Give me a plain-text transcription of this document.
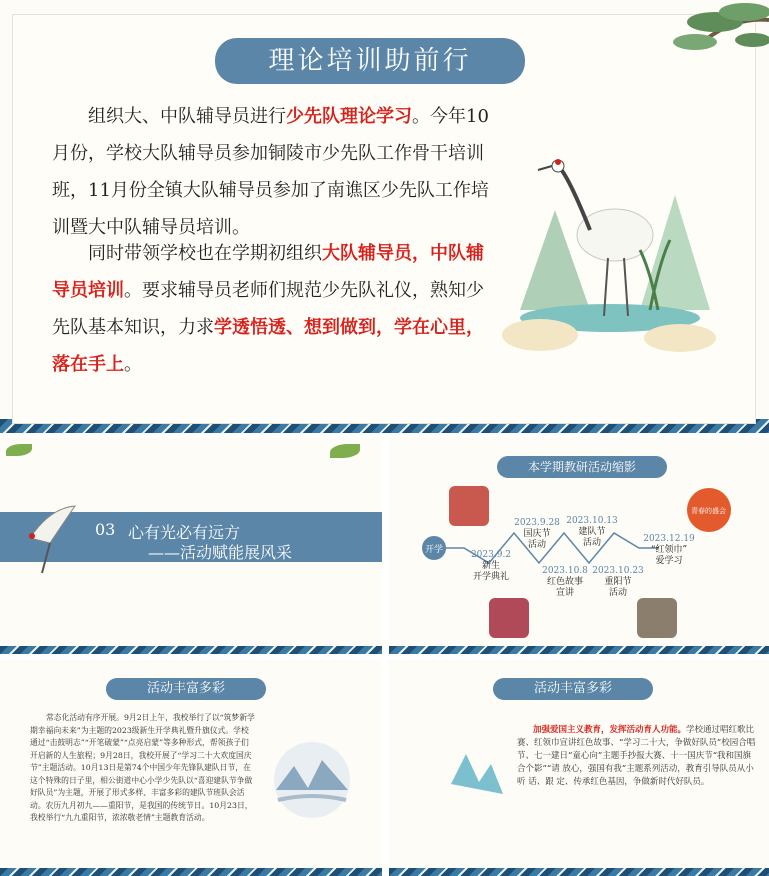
理论培训助前行
组织大、中队辅导员进行少先队理论学习。今年10月份，学校大队辅导员参加铜陵市少先队工作骨干培训班，11月份全镇大队辅导员参加了南谯区少先队工作培训暨大中队辅导员培训。
同时带领学校也在学期初组织大队辅导员，中队辅导员培训。要求辅导员老师们规范少先队礼仪，熟知少先队基本知识，力求学透悟透、想到做到，学在心里，落在手上。
03 心有光必有远方
——活动赋能展风采
本学期教研活动缩影
开学
青春的盛会
2023.9.2
新生
开学典礼
2023.9.28
国庆节
活动
2023.10.8
红色故事
宣讲
2023.10.13
建队节
活动
2023.10.23
重阳节
活动
2023.12.19
“红领巾”
爱学习
活动丰富多彩
常态化活动有序开展。9月2日上午，我校举行了以“筑梦新学期幸福向未来”为主题的2023级新生开学典礼暨升旗仪式。学校通过“击鼓明志”“开笔破蒙”“点亮启蒙”等多种形式，帮领孩子们开启新的人生旅程；9月28日，我校开展了“学习二十大欢度国庆节”主题活动。10月13日是第74个中国少年先锋队建队日节，在这个特殊的日子里，相公街道中心小学少先队以“喜迎建队节争做好队员”为主题，开展了形式多样、丰富多彩的建队节班队会活动。农历九月初九——重阳节，是我国的传统节日。10月23日，我校举行“九九重阳节，浓浓敬老情”主题教育活动。
活动丰富多彩
加强爱国主义教育，发挥活动育人功能。学校通过唱红歌比赛、红领巾宣讲红色故事、“学习二十大，争做好队员”校园合唱节、七一建日“童心向”主题手抄报大赛、十一国庆节“我和国旗合个影”“请 放心，强国有我”主题系列活动，教育引导队员从小听 话、跟 定、传承红色基因，争做新时代好队员。
